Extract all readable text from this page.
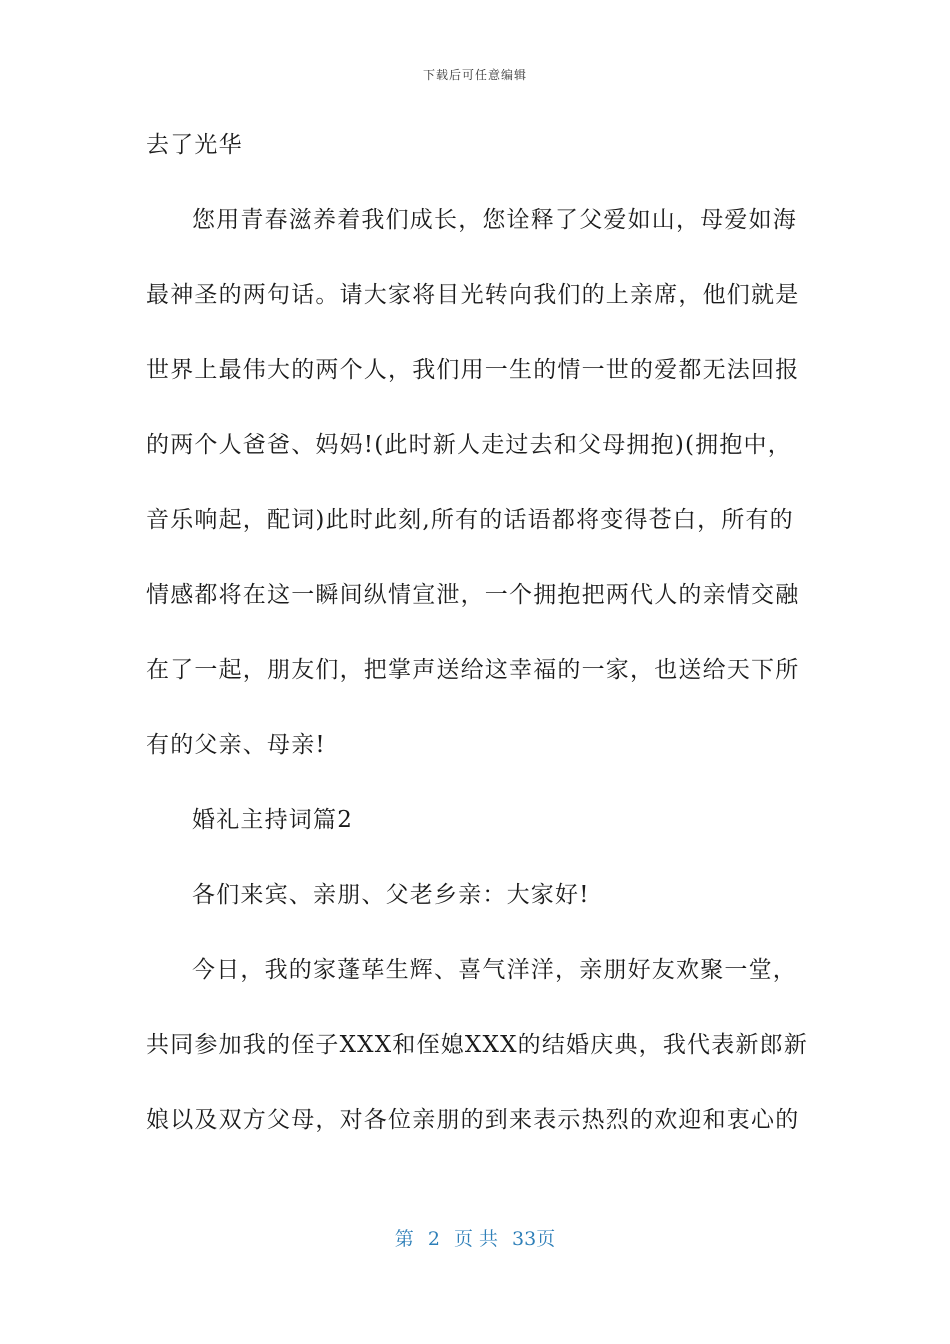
下载后可任意编辑
去了光华
您用青春滋养着我们成长，您诠释了父爱如山，母爱如海
最神圣的两句话。请大家将目光转向我们的上亲席，他们就是
世界上最伟大的两个人，我们用一生的情一世的爱都无法回报
的两个人爸爸、妈妈!(此时新人走过去和父母拥抱)(拥抱中，
音乐响起，配词)此时此刻,所有的话语都将变得苍白，所有的
情感都将在这一瞬间纵情宣泄，一个拥抱把两代人的亲情交融
在了一起，朋友们，把掌声送给这幸福的一家，也送给天下所
有的父亲、母亲!
婚礼主持词篇2
各们来宾、亲朋、父老乡亲：大家好!
今日，我的家蓬荜生辉、喜气洋洋，亲朋好友欢聚一堂，
共同参加我的侄子XXX和侄媳XXX的结婚庆典，我代表新郎新
娘以及双方父母，对各位亲朋的到来表示热烈的欢迎和衷心的
第 2 页 共 33页
